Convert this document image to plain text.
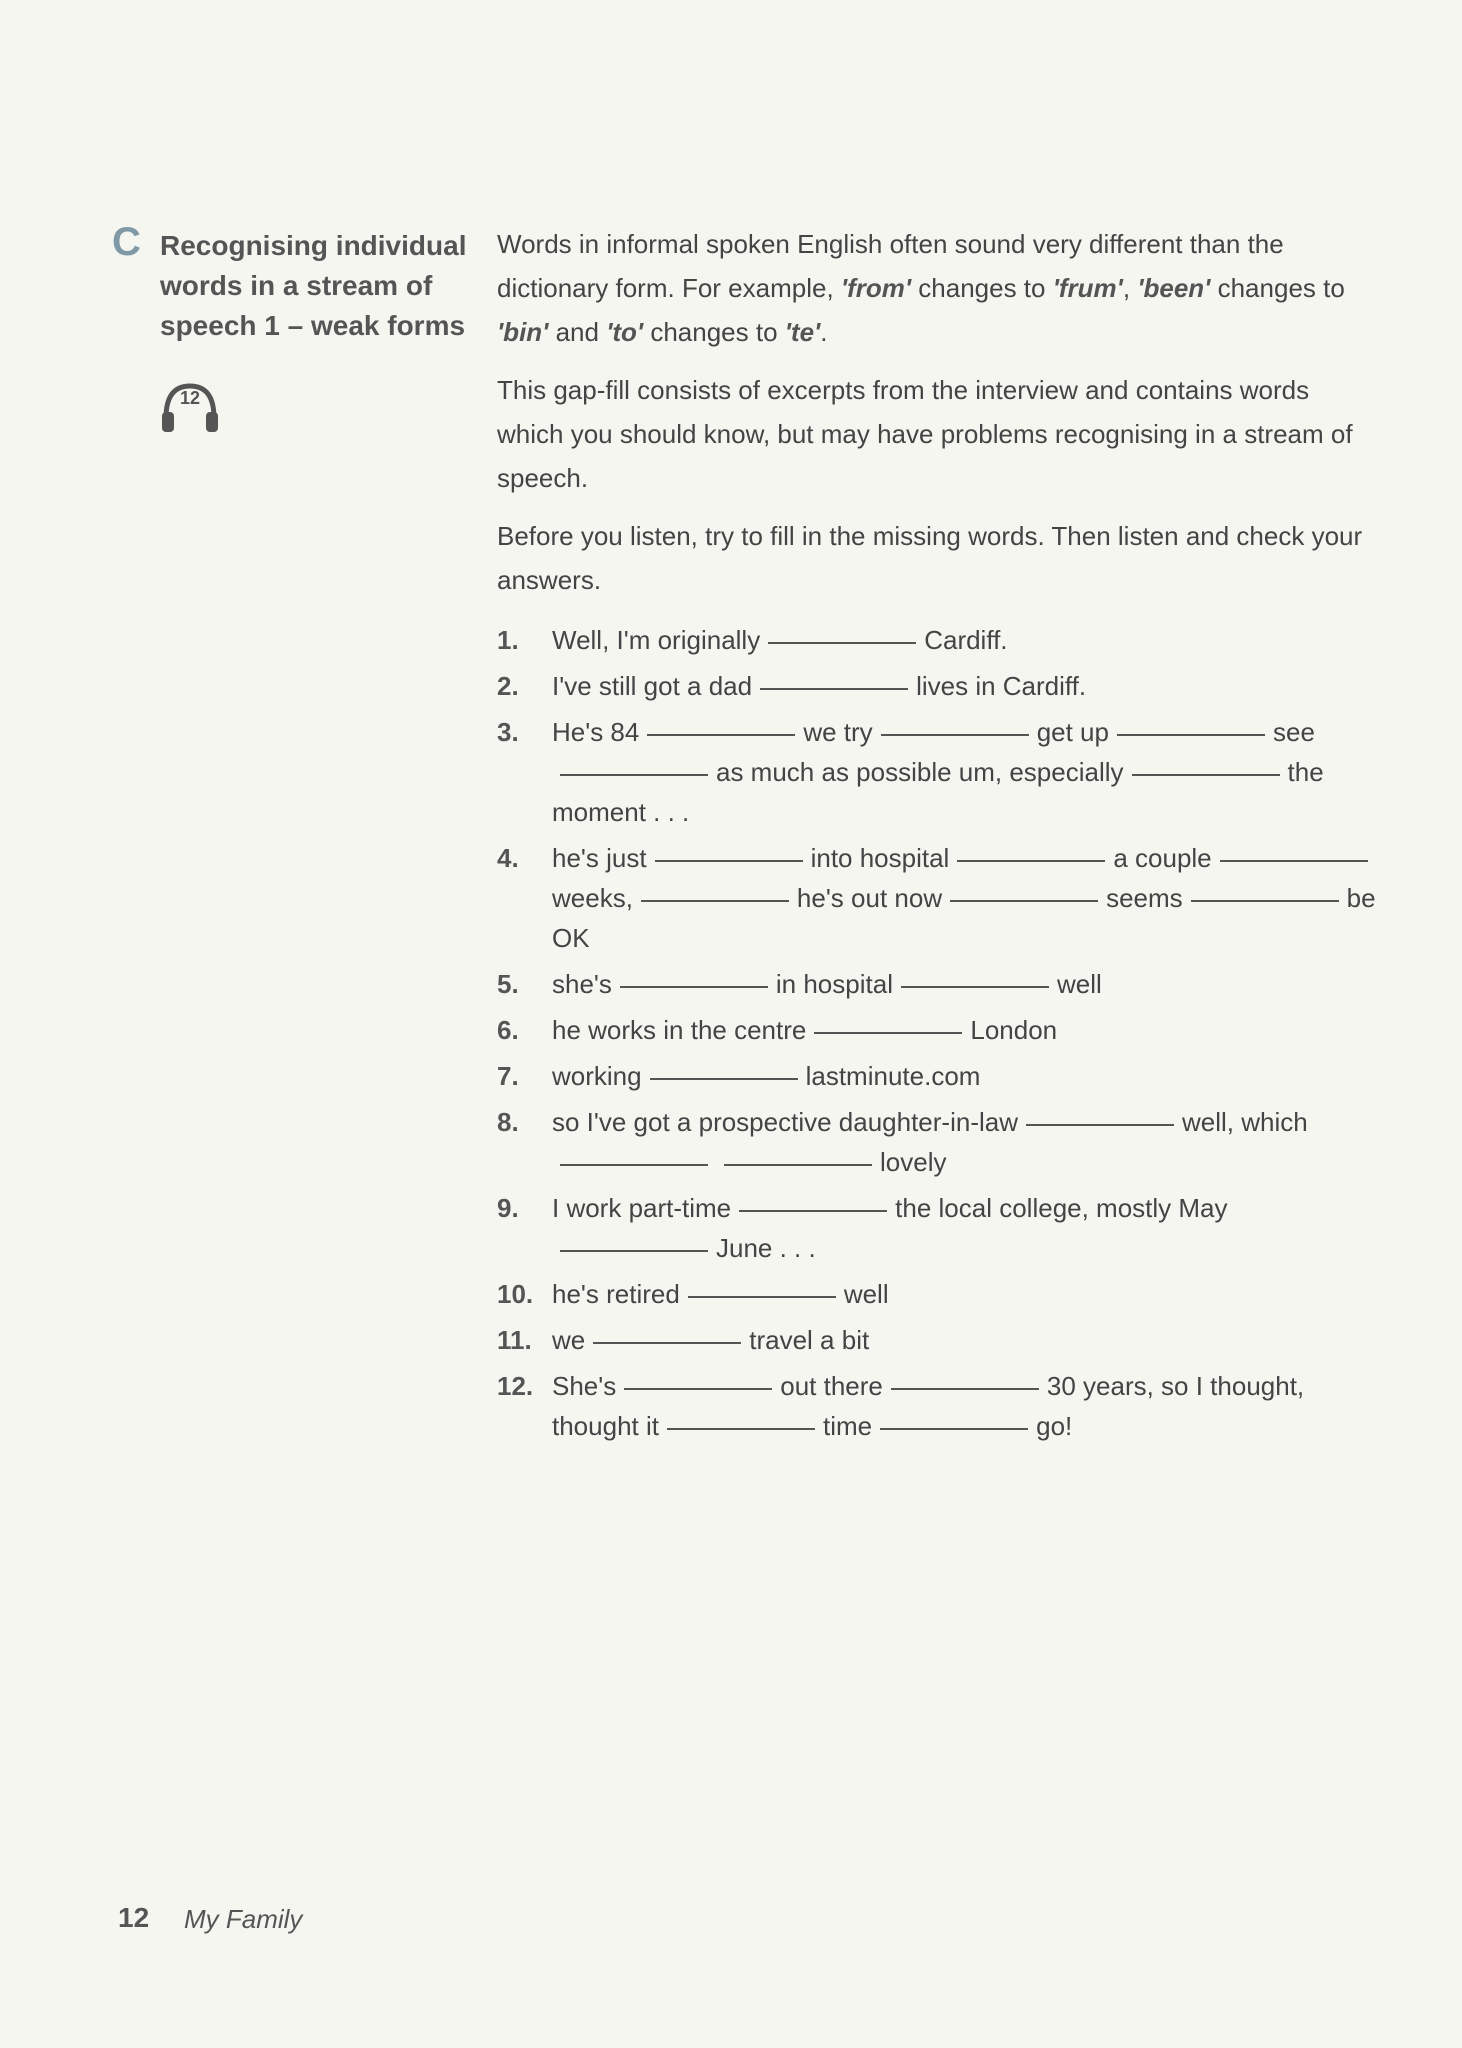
C Recognising individual words in a stream of speech 1 – weak forms
12

Words in informal spoken English often sound very different than the dictionary form. For example, 'from' changes to 'frum', 'been' changes to 'bin' and 'to' changes to 'te'.

This gap-fill consists of excerpts from the interview and contains words which you should know, but may have problems recognising in a stream of speech.

Before you listen, try to fill in the missing words. Then listen and check your answers.

1.	Well, I'm originally	Cardiff.
2.	I've still got a dad	lives in Cardiff.
3.	He's 84	we try	get up	seeas much as possible um, especially	the moment . . .
4.	he's just	into hospital	a coupleweeks,	he's out now	seems	be OK
5.	she's	in hospital	well
6.	he works in the centre	London
7.	working	lastminute.com
8.	so I've got a prospective daughter-in-law	well, whichlovely
9.	I work part-time	the local college, mostly MayJune . . .
10. he's retired	well
11. we	travel a bit
12. She's	out there	30 years, so I thought, thought it	time	go!
12 My Family
